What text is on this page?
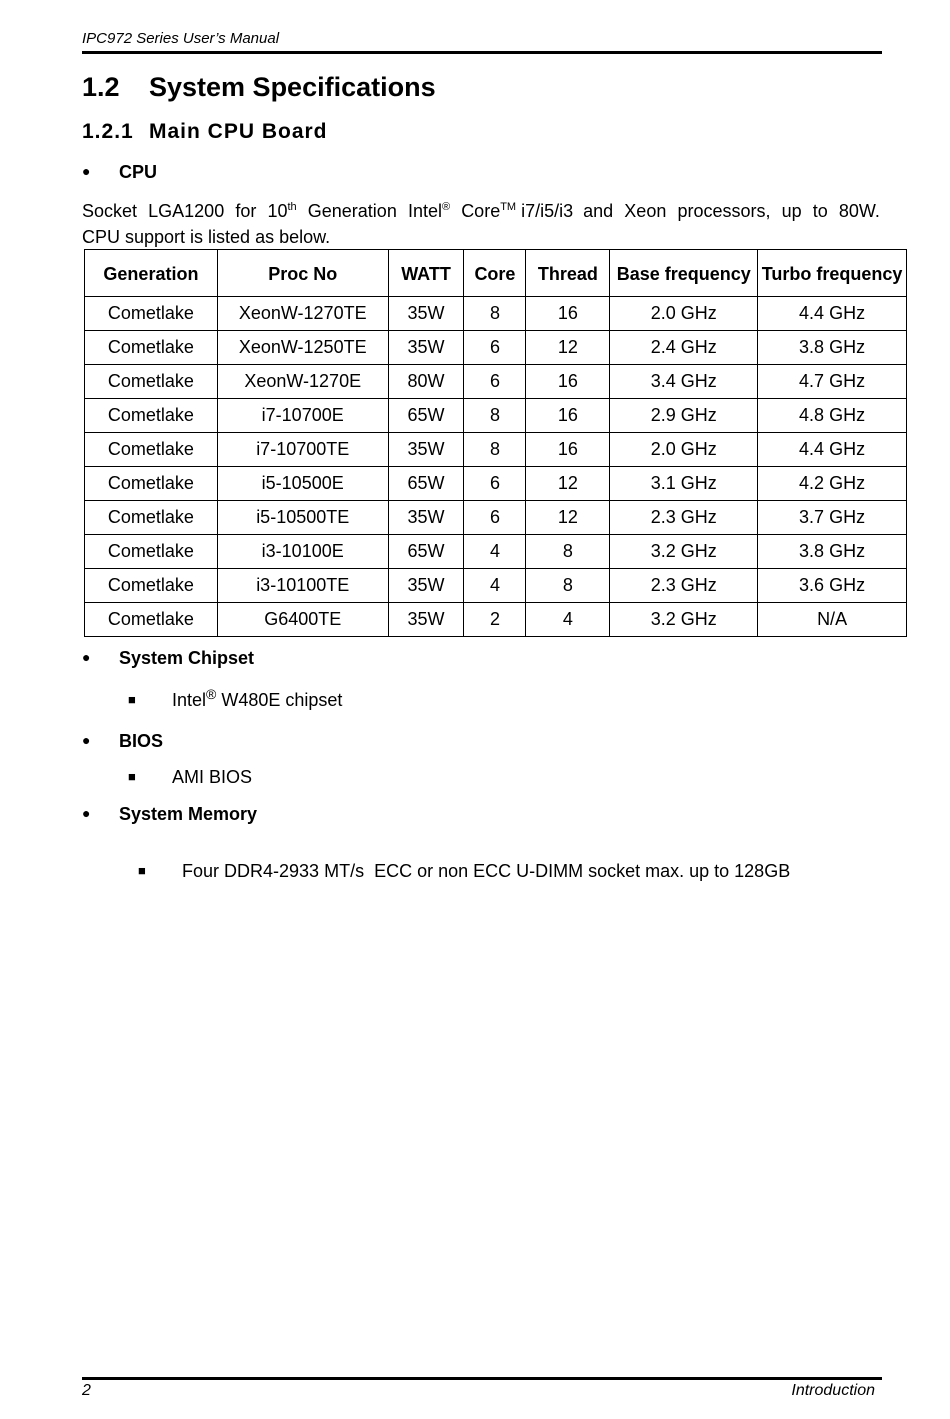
IPC972 Series User’s Manual
1.2 System Specifications
1.2.1 Main CPU Board
● CPU
Socket LGA1200 for 10th Generation Intel® Core™ i7/i5/i3  and Xeon processors, up to 80W.
CPU support is listed as below.
Generation	Proc No	WATT	Core	Thread	Base frequency	Turbo frequency
Cometlake	XeonW-1270TE	35W	8	16	2.0 GHz	4.4 GHz
Cometlake	XeonW-1250TE	35W	6	12	2.4 GHz	3.8 GHz
Cometlake	XeonW-1270E	80W	6	16	3.4 GHz	4.7 GHz
Cometlake	i7-10700E	65W	8	16	2.9 GHz	4.8 GHz
Cometlake	i7-10700TE	35W	8	16	2.0 GHz	4.4 GHz
Cometlake	i5-10500E	65W	6	12	3.1 GHz	4.2 GHz
Cometlake	i5-10500TE	35W	6	12	2.3 GHz	3.7 GHz
Cometlake	i3-10100E	65W	4	8	3.2 GHz	3.8 GHz
Cometlake	i3-10100TE	35W	4	8	2.3 GHz	3.6 GHz
Cometlake	G6400TE	35W	2	4	3.2 GHz	N/A
● System Chipset
■ Intel® W480E chipset
● BIOS
■ AMI BIOS
● System Memory

■ Four DDR4-2933 MT/s  ECC or non ECC U-DIMM socket max. up to 128GB

2	Introduction
